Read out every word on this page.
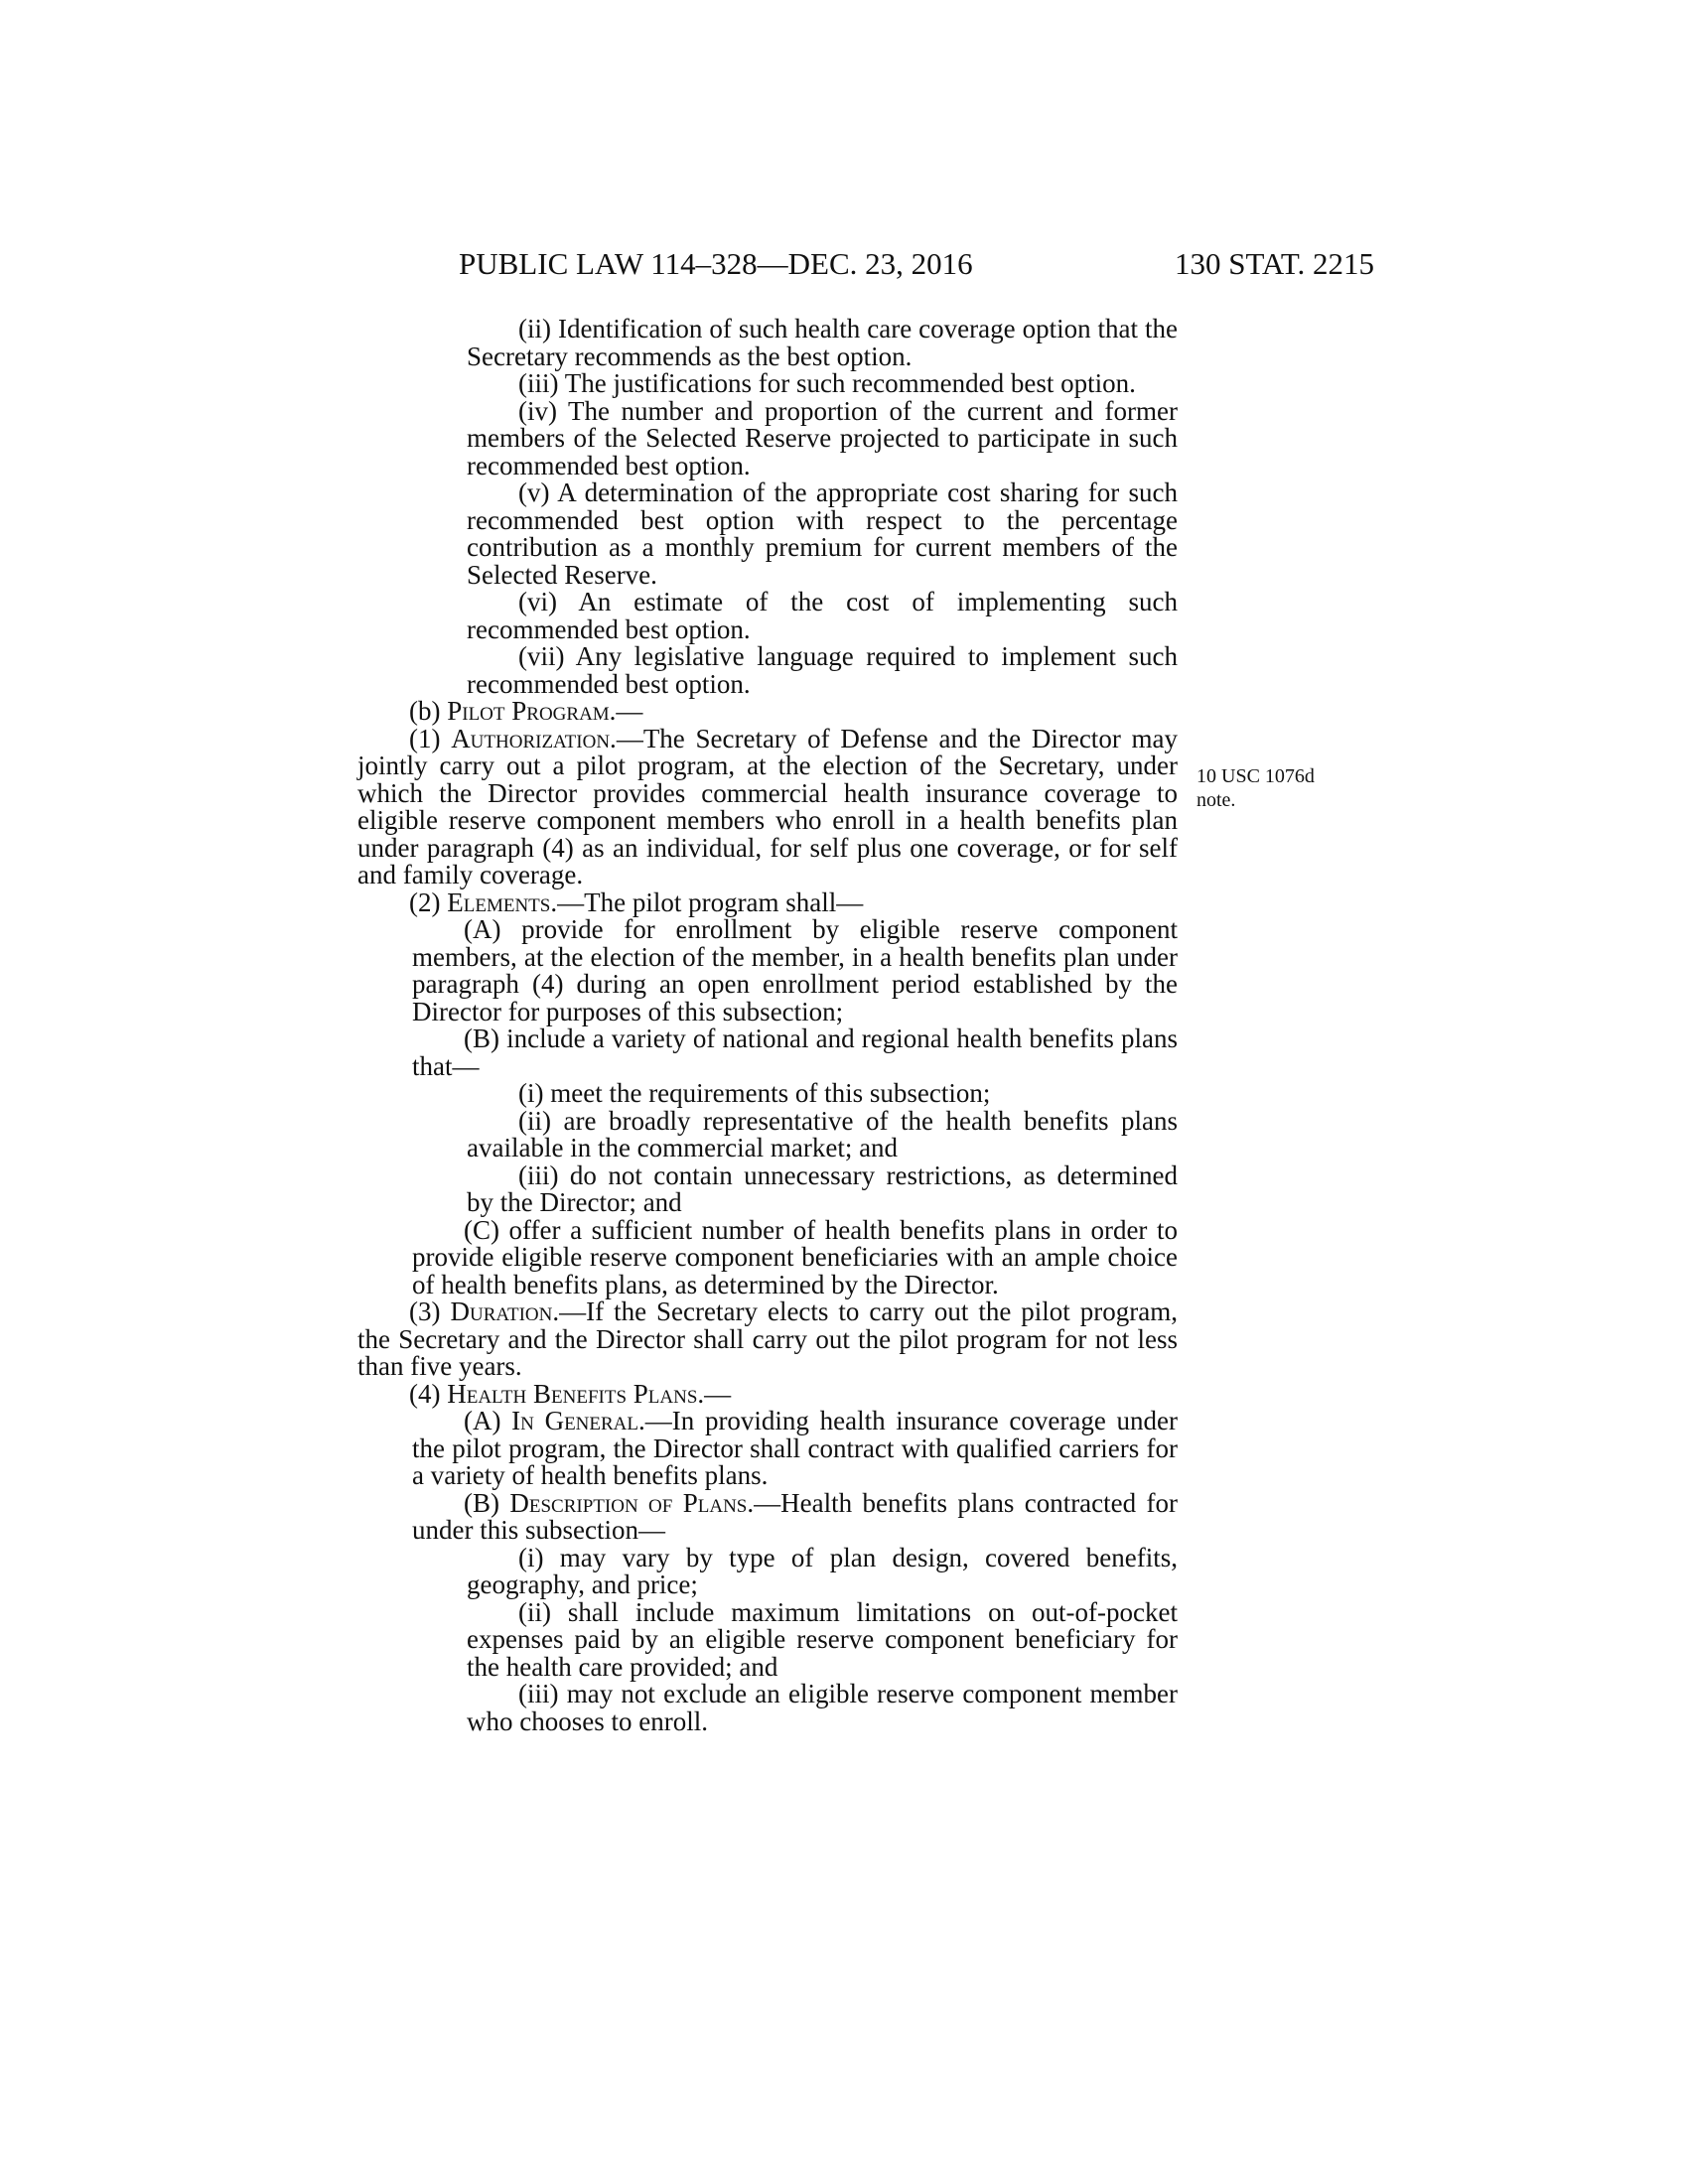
PUBLIC LAW 114–328—DEC. 23, 2016	130 STAT. 2215

(ii) Identification of such health care coverage option that the Secretary recommends as the best option.

(iii) The justifications for such recommended best option.

(iv) The number and proportion of the current and former members of the Selected Reserve projected to participate in such recommended best option.

(v) A determination of the appropriate cost sharing for such recommended best option with respect to the percentage contribution as a monthly premium for current members of the Selected Reserve.

(vi) An estimate of the cost of implementing such recommended best option.

(vii) Any legislative language required to implement such recommended best option.

(b) Pilot Program.—

(1) Authorization.—The Secretary of Defense and the Director may jointly carry out a pilot program, at the election of the Secretary, under which the Director provides commercial health insurance coverage to eligible reserve component members who enroll in a health benefits plan under paragraph (4) as an individual, for self plus one coverage, or for self and family coverage.

(2) Elements.—The pilot program shall—

(A) provide for enrollment by eligible reserve component members, at the election of the member, in a health benefits plan under paragraph (4) during an open enrollment period established by the Director for purposes of this subsection;

(B) include a variety of national and regional health benefits plans that—

(i) meet the requirements of this subsection;

(ii) are broadly representative of the health benefits plans available in the commercial market; and

(iii) do not contain unnecessary restrictions, as determined by the Director; and

(C) offer a sufficient number of health benefits plans in order to provide eligible reserve component beneficiaries with an ample choice of health benefits plans, as determined by the Director.

(3) Duration.—If the Secretary elects to carry out the pilot program, the Secretary and the Director shall carry out the pilot program for not less than five years.

(4) Health Benefits Plans.—

(A) In General.—In providing health insurance coverage under the pilot program, the Director shall contract with qualified carriers for a variety of health benefits plans.

(B) Description of Plans.—Health benefits plans contracted for under this subsection—

(i) may vary by type of plan design, covered benefits, geography, and price;

(ii) shall include maximum limitations on out-of-pocket expenses paid by an eligible reserve component beneficiary for the health care provided; and

(iii) may not exclude an eligible reserve component member who chooses to enroll.

10 USC 1076d
note.
